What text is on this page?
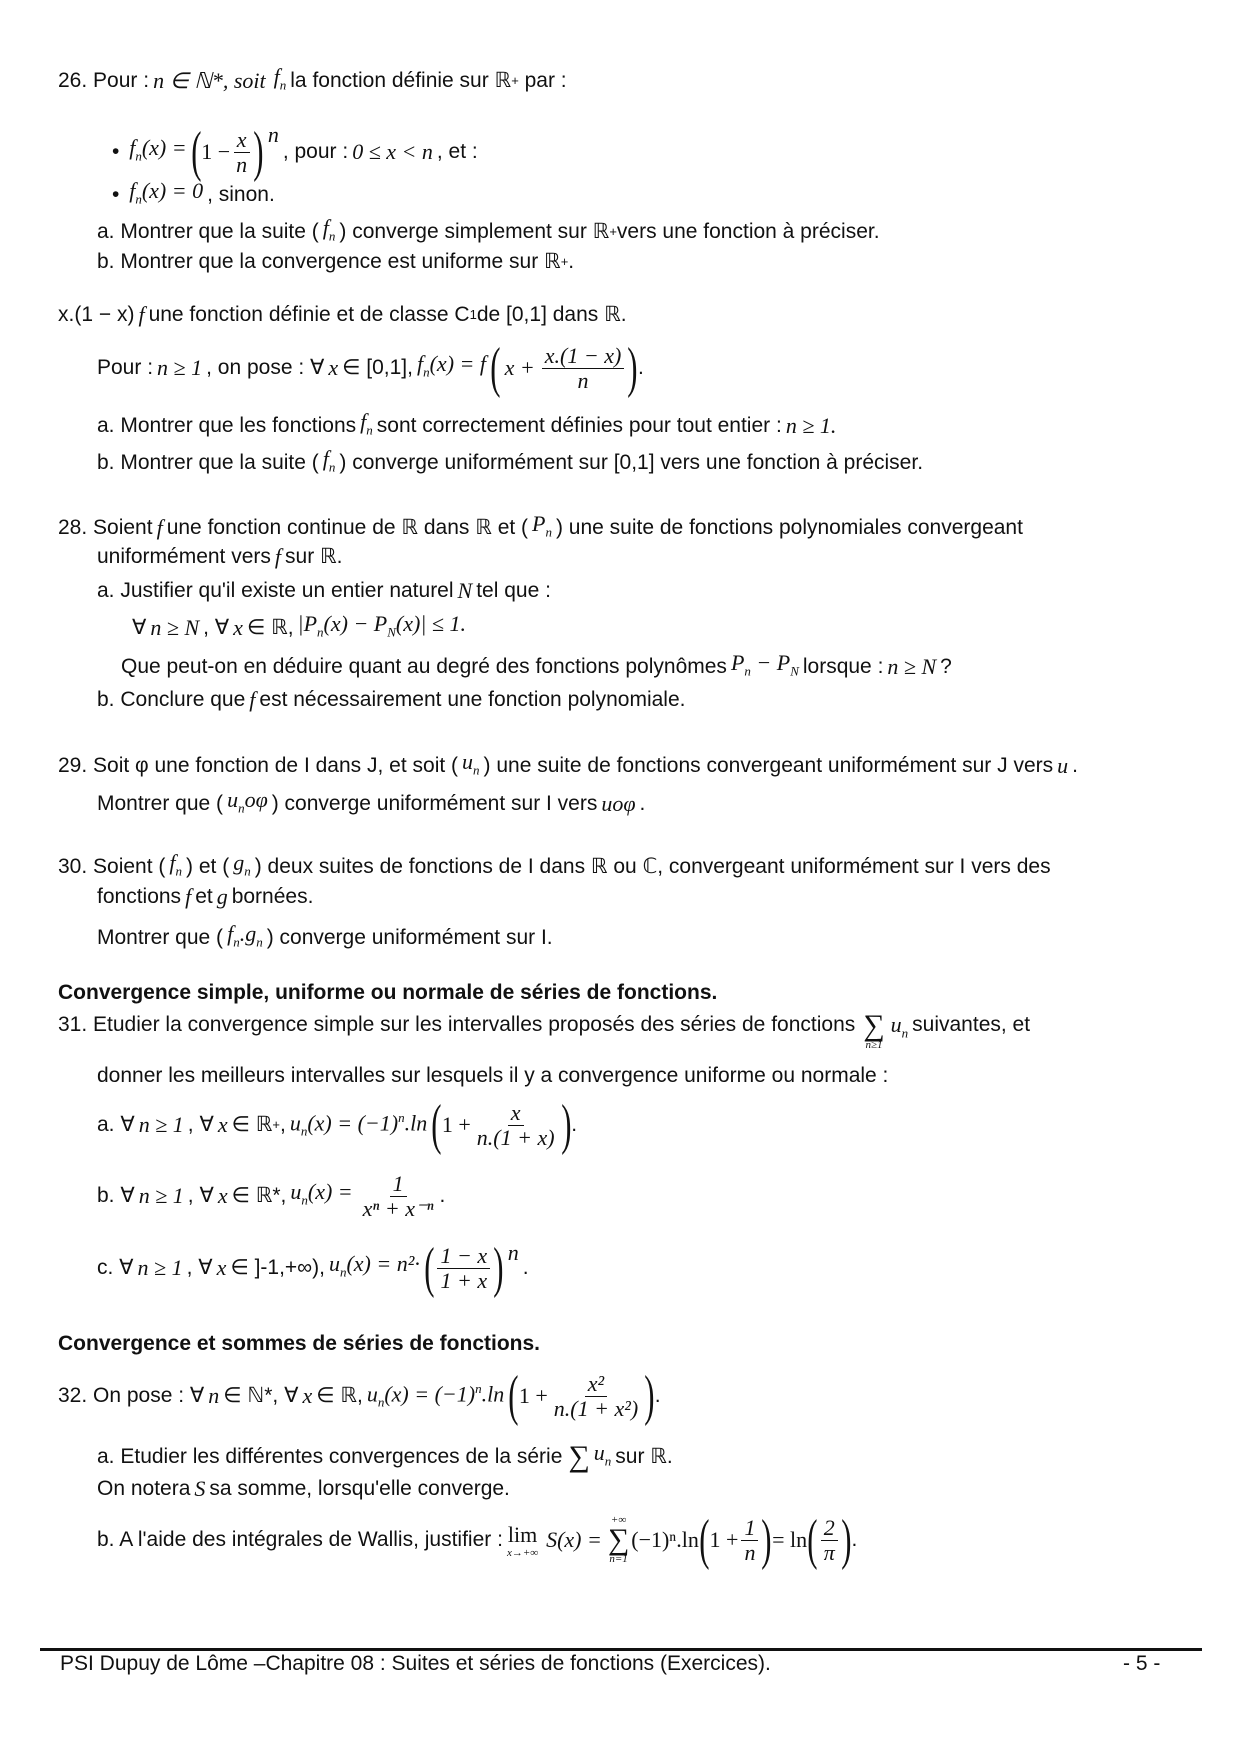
26. Pour : n ∈ ℕ*, soit $f_n$ la fonction définie sur ℝ +
par :
• $f_n(x)$ = ( $1 - \frac{x}{n}$ ) n
, pour : 0 ≤ x < n , et :
• $f_n(x) = 0$ , sinon.
a. Montrer que la suite ( $f_n$ ) converge simplement sur ℝ + vers une fonction à préciser.
b. Montrer que la convergence est uniforme sur ℝ + .
x.(1 − x) f une fonction définie et de classe C 1 de [0,1] dans ℝ.
Pour : n ≥ 1 , on pose : ∀ x ∈ [0,1], $f_n(x) = f$ ( $x + \frac{x.(1 - x)}{n}$ ) .
a. Montrer que les fonctions $f_n$ sont correctement définies pour tout entier : n ≥ 1.
b. Montrer que la suite ( $f_n$ ) converge uniformément sur [0,1] vers une fonction à préciser.
28. Soient f une fonction continue de ℝ dans ℝ et ( $P_n$ ) une suite de fonctions polynomiales convergeant
uniformément vers f sur ℝ.
a. Justifier qu'il existe un entier naturel N tel que :
∀ n ≥ N , ∀ x ∈ ℝ, $|P_n(x) - P_N(x)| \le 1$.
Que peut-on en déduire quant au degré des fonctions polynômes $P_n - P_N$ lorsque : n ≥ N ?
b. Conclure que f est nécessairement une fonction polynomiale.
29. Soit φ une fonction de I dans J, et soit ( $u_n$ ) une suite de fonctions convergeant uniformément sur J vers u .
Montrer que ( $u_no\varphi$ ) converge uniformément sur I vers uoφ .
30. Soient ( $f_n$ ) et ( $g_n$ ) deux suites de fonctions de I dans ℝ ou ℂ, convergeant uniformément sur I vers des
fonctions f et g bornées.
Montrer que ( $f_n.g_n$ ) converge uniformément sur I.
Convergence simple, uniforme ou normale de séries de fonctions.
31. Etudier la convergence simple sur les intervalles proposés des séries de fonctions ∑
n≥1
$u_n$ suivantes, et
donner les meilleurs intervalles sur lesquels il y a convergence uniforme ou normale :
a. ∀ n ≥ 1 , ∀ x ∈ ℝ + , $u_n(x) = (-1)^n.\ln$ ( $1 + \frac{x}{n.(1 + x)}$ ) .
b. ∀ n ≥ 1 , ∀ x ∈ ℝ*, $u_n(x) = \frac{1}{\text{xⁿ + x⁻ⁿ}}$ .
c. ∀ n ≥ 1 , ∀ x ∈ ]-1,+∞), $u_n(x) = n^2\cdot$ ( $\frac{1 - x}{1 + x}$ ) n
.
Convergence et sommes de séries de fonctions.
32. On pose : ∀ n ∈ ℕ*, ∀ x ∈ ℝ, $u_n(x) = (-1)^n.\ln$ ( $1 + \frac{\text{x²}}{\text{n.(1 + x²)}}$ ) .
a. Etudier les différentes convergences de la série ∑ $u_n$ sur ℝ.
On notera S sa somme, lorsqu'elle converge.
b. A l'aide des intégrales de Wallis, justifier : lim
x→+∞
S(x) =
+∞
∑
n=1
(−1)ⁿ.ln ( $1 + \frac{1}{n}$ ) = ln ( $\frac{2}{\pi}$ ) .
PSI Dupuy de Lôme –Chapitre 08 : Suites et séries de fonctions (Exercices).	- 5 -
